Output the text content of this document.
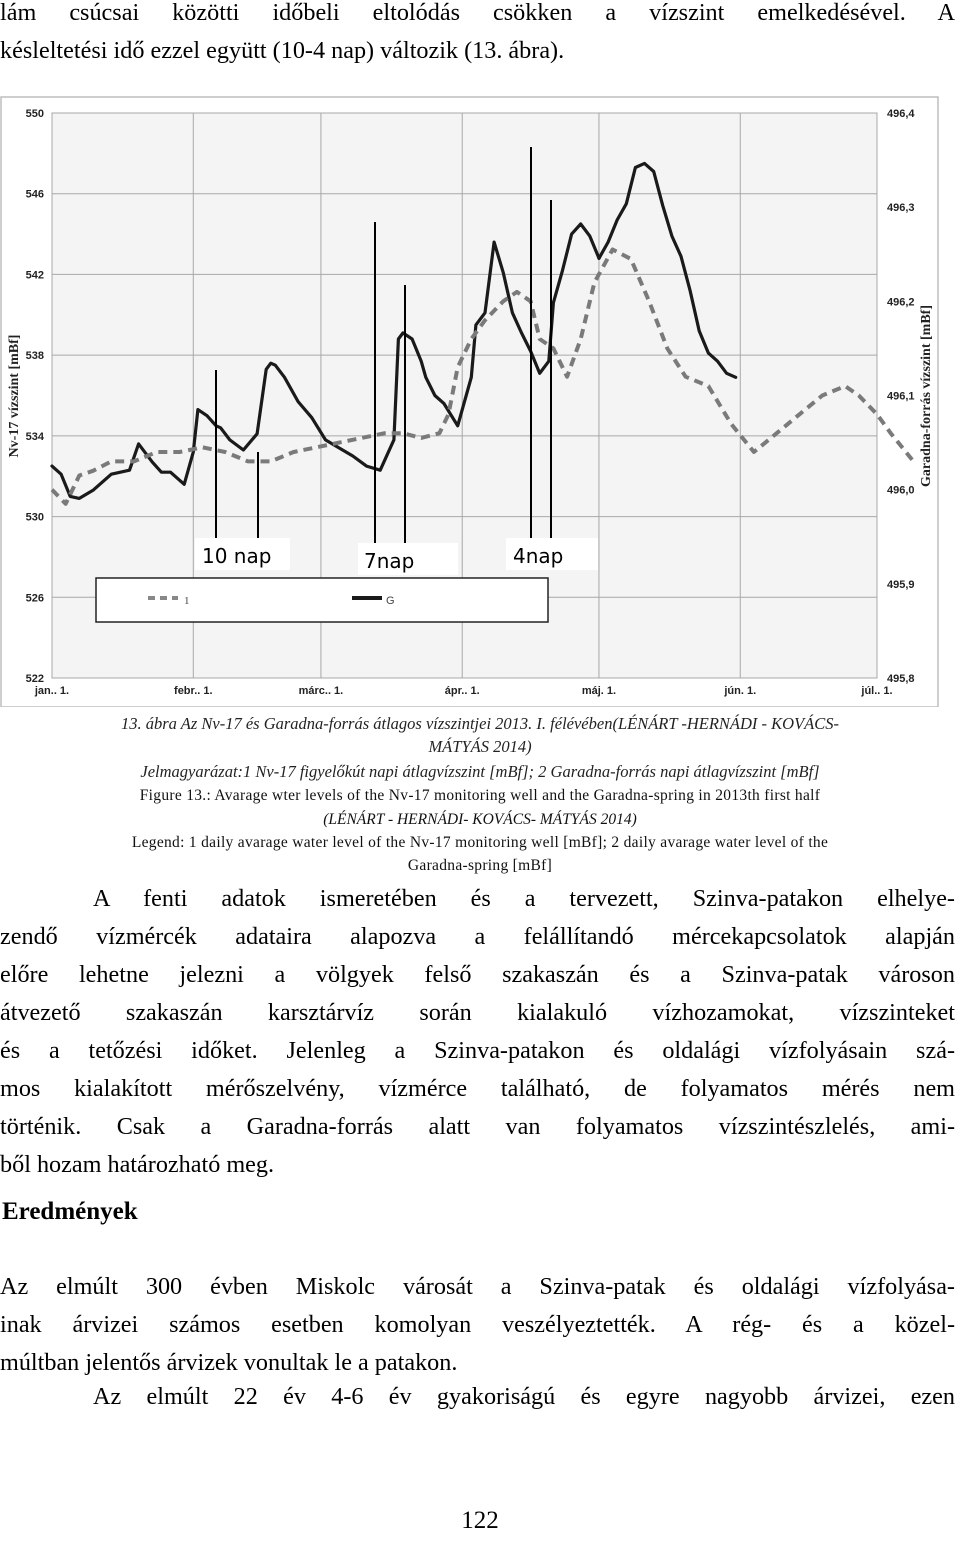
lám csúcsai közötti időbeli eltolódás csökken a vízszint emelkedésével. A
késleltetési idő ezzel együtt (10-4 nap) változik (13. ábra).

522
526
530
534
538
542
546
550
495,8
495,9
496,0
496,1
496,2
496,3
496,4
jan.. 1.	febr.. 1.	márc.. 1.	ápr.. 1.	máj. 1.	jún. 1.	júl.. 1.
Nv-17 vízszint [mBf]	Garadna-forrás vízszint [mBf]
1	G
10 nap	7nap	4nap
13. ábra Az Nv-17 és Garadna-forrás átlagos vízszintjei 2013. I. félévében(LÉNÁRT -HERNÁDI - KOVÁCS-
MÁTYÁS 2014)
Jelmagyarázat:1 Nv-17 figyelőkút napi átlagvízszint [mBf]; 2 Garadna-forrás napi átlagvízszint [mBf]
Figure 13.: Avarage wter levels of the Nv-17 monitoring well and the Garadna-spring in 2013th first half
(LÉNÁRT - HERNÁDI- KOVÁCS- MÁTYÁS 2014)
Legend: 1 daily avarage water level of the Nv-17 monitoring well [mBf]; 2 daily avarage water level of the
Garadna-spring [mBf]

A fenti adatok ismeretében és a tervezett, Szinva-patakon elhelye-
zendő vízmércék adataira alapozva a felállítandó mércekapcsolatok alapján
előre lehetne jelezni a völgyek felső szakaszán és a Szinva-patak városon
átvezető szakaszán karsztárvíz során kialakuló vízhozamokat, vízszinteket
és a tetőzési időket. Jelenleg a Szinva-patakon és oldalági vízfolyásain szá-
mos kialakított mérőszelvény, vízmérce található, de folyamatos mérés nem
történik. Csak a Garadna-forrás alatt van folyamatos vízszintészlelés, ami-
ből hozam határozható meg.

Eredmények

Az elmúlt 300 évben Miskolc városát a Szinva-patak és oldalági vízfolyása-
inak árvizei számos esetben komolyan veszélyeztették. A rég- és a közel-
múltban jelentős árvizek vonultak le a patakon.

Az elmúlt 22 év 4-6 év gyakoriságú és egyre nagyobb árvizei, ezen

122
